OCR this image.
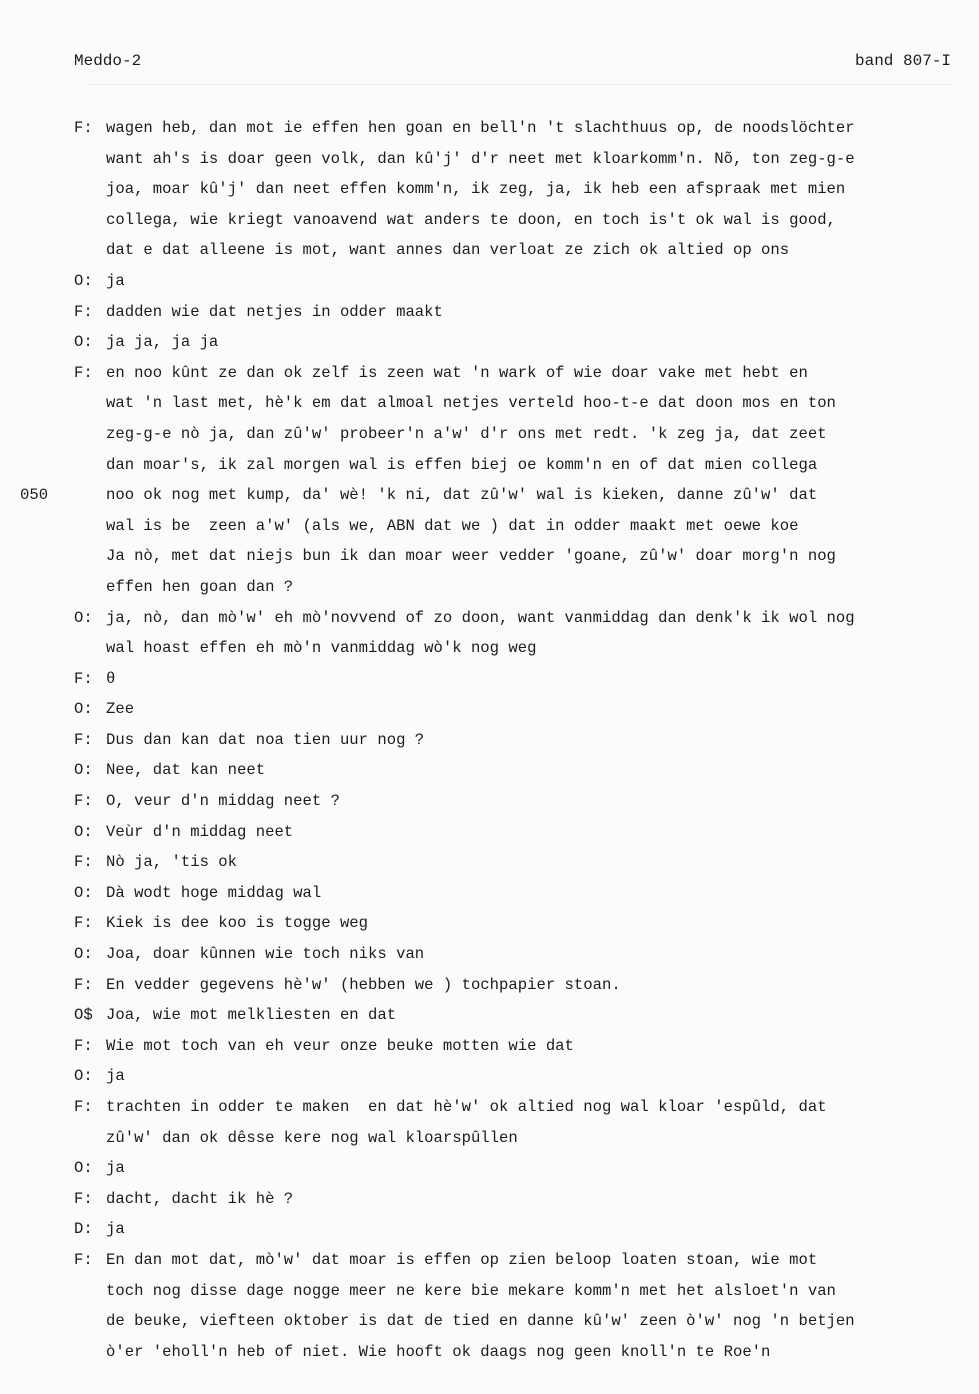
Meddo-2	band 807-I
F: wagen heb, dan mot ie effen hen goan en bell'n 't slachthuus op, de noodslöchter
want ah's is doar geen volk, dan kû'j' d'r neet met kloarkomm'n. Nõ, ton zeg-g-e
joa, moar kû'j' dan neet effen komm'n, ik zeg, ja, ik heb een afspraak met mien
collega, wie kriegt vanoavend wat anders te doon, en toch is't ok wal is good,
dat e dat alleene is mot, want annes dan verloat ze zich ok altied op ons
O: ja
F: dadden wie dat netjes in odder maakt
O: ja ja, ja ja
F: en noo kûnt ze dan ok zelf is zeen wat 'n wark of wie doar vake met hebt en
wat 'n last met, hè'k em dat almoal netjes verteld hoo-t-e dat doon mos en ton
zeg-g-e nò ja, dan zû'w' probeer'n a'w' d'r ons met redt. 'k zeg ja, dat zeet
dan moar's, ik zal morgen wal is effen biej oe komm'n en of dat mien collega
050	noo ok nog met kump, da' wè! 'k ni, dat zû'w' wal is kieken, danne zû'w' dat
wal is be  zeen a'w' (als we, ABN dat we ) dat in odder maakt met oewe koe
Ja nò, met dat niejs bun ik dan moar weer vedder 'goane, zû'w' doar morg'n nog
effen hen goan dan ?
O: ja, nò, dan mò'w' eh mò'novvend of zo doon, want vanmiddag dan denk'k ik wol nog
wal hoast effen eh mò'n vanmiddag wò'k nog weg
F: θ
O: Zee
F: Dus dan kan dat noa tien uur nog ?
O: Nee, dat kan neet
F: O, veur d'n middag neet ?
O: Veùr d'n middag neet
F: Nò ja, 'tis ok
O: Dà wodt hoge middag wal
F: Kiek is dee koo is togge weg
O: Joa, doar kûnnen wie toch niks van
F: En vedder gegevens hè'w' (hebben we ) tochpapier stoan.
O$ Joa, wie mot melkliesten en dat
F: Wie mot toch van eh veur onze beuke motten wie dat
O: ja
F: trachten in odder te maken  en dat hè'w' ok altied nog wal kloar 'espûld, dat
zû'w' dan ok dêsse kere nog wal kloarspûllen
O: ja
F: dacht, dacht ik hè ?
D: ja
F: En dan mot dat, mò'w' dat moar is effen op zien beloop loaten stoan, wie mot
toch nog disse dage nogge meer ne kere bie mekare komm'n met het alsloet'n van
de beuke, viefteen oktober is dat de tied en danne kû'w' zeen ò'w' nog 'n betjen
ò'er 'eholl'n heb of niet. Wie hooft ok daags nog geen knoll'n te Roe'n
